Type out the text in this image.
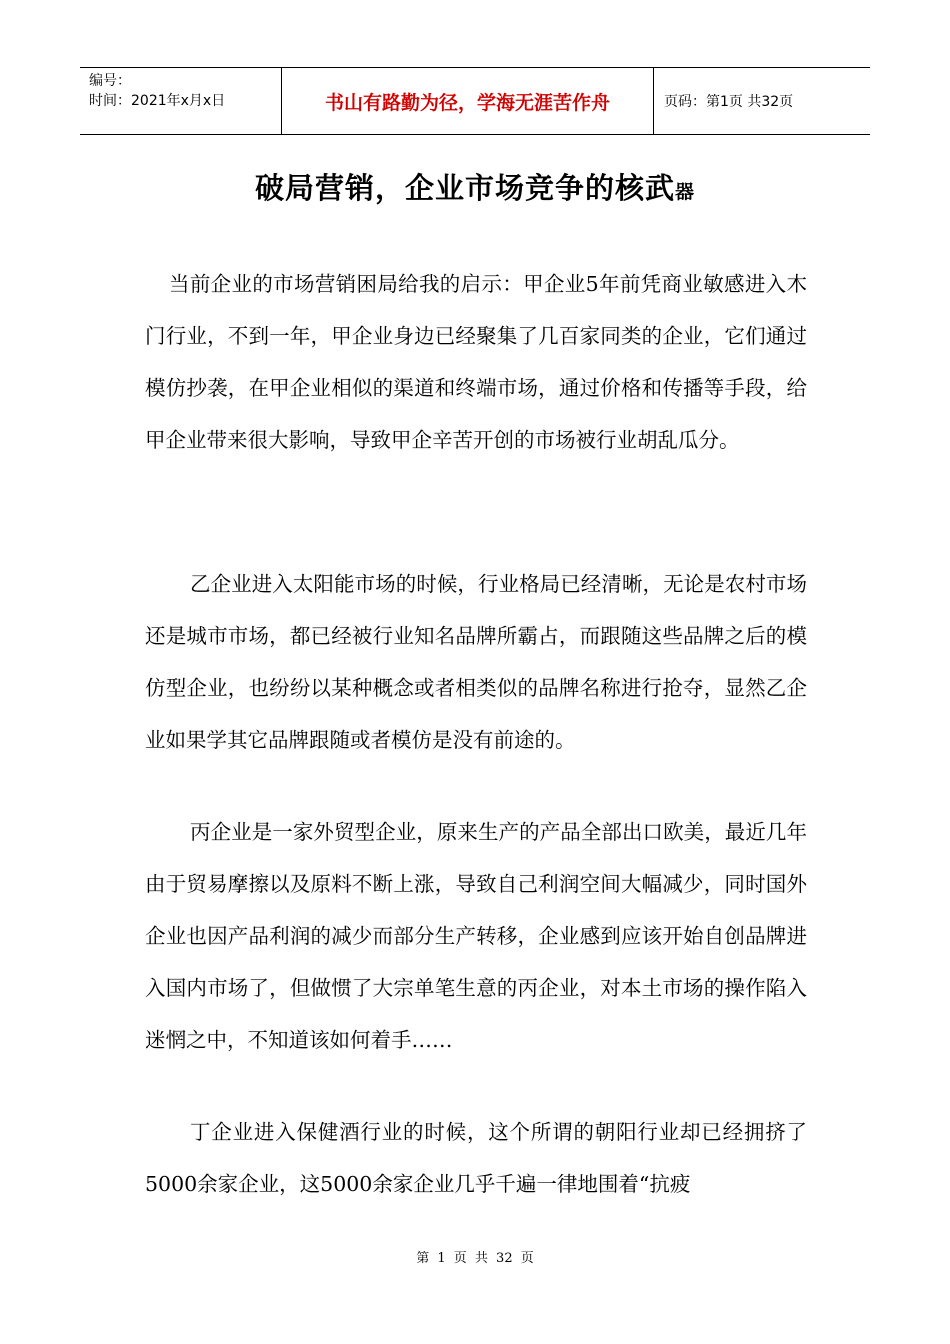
编号：
时间：2021年x月x日	书山有路勤为径，学海无涯苦作舟	页码：第1页 共32页
破局营销，企业市场竞争的核武器

当前企业的市场营销困局给我的启示：甲企业5年前凭商业敏感进入木门行业，不到一年，甲企业身边已经聚集了几百家同类的企业，它们通过模仿抄袭，在甲企业相似的渠道和终端市场，通过价格和传播等手段，给甲企业带来很大影响，导致甲企辛苦开创的市场被行业胡乱瓜分。

乙企业进入太阳能市场的时候，行业格局已经清晰，无论是农村市场还是城市市场，都已经被行业知名品牌所霸占，而跟随这些品牌之后的模仿型企业，也纷纷以某种概念或者相类似的品牌名称进行抢夺，显然乙企业如果学其它品牌跟随或者模仿是没有前途的。

丙企业是一家外贸型企业，原来生产的产品全部出口欧美，最近几年由于贸易摩擦以及原料不断上涨，导致自己利润空间大幅减少，同时国外企业也因产品利润的减少而部分生产转移，企业感到应该开始自创品牌进入国内市场了，但做惯了大宗单笔生意的丙企业，对本土市场的操作陷入迷惘之中，不知道该如何着手……

丁企业进入保健酒行业的时候，这个所谓的朝阳行业却已经拥挤了5000余家企业，这5000余家企业几乎千遍一律地围着“抗疲

第 1 页 共 32 页
